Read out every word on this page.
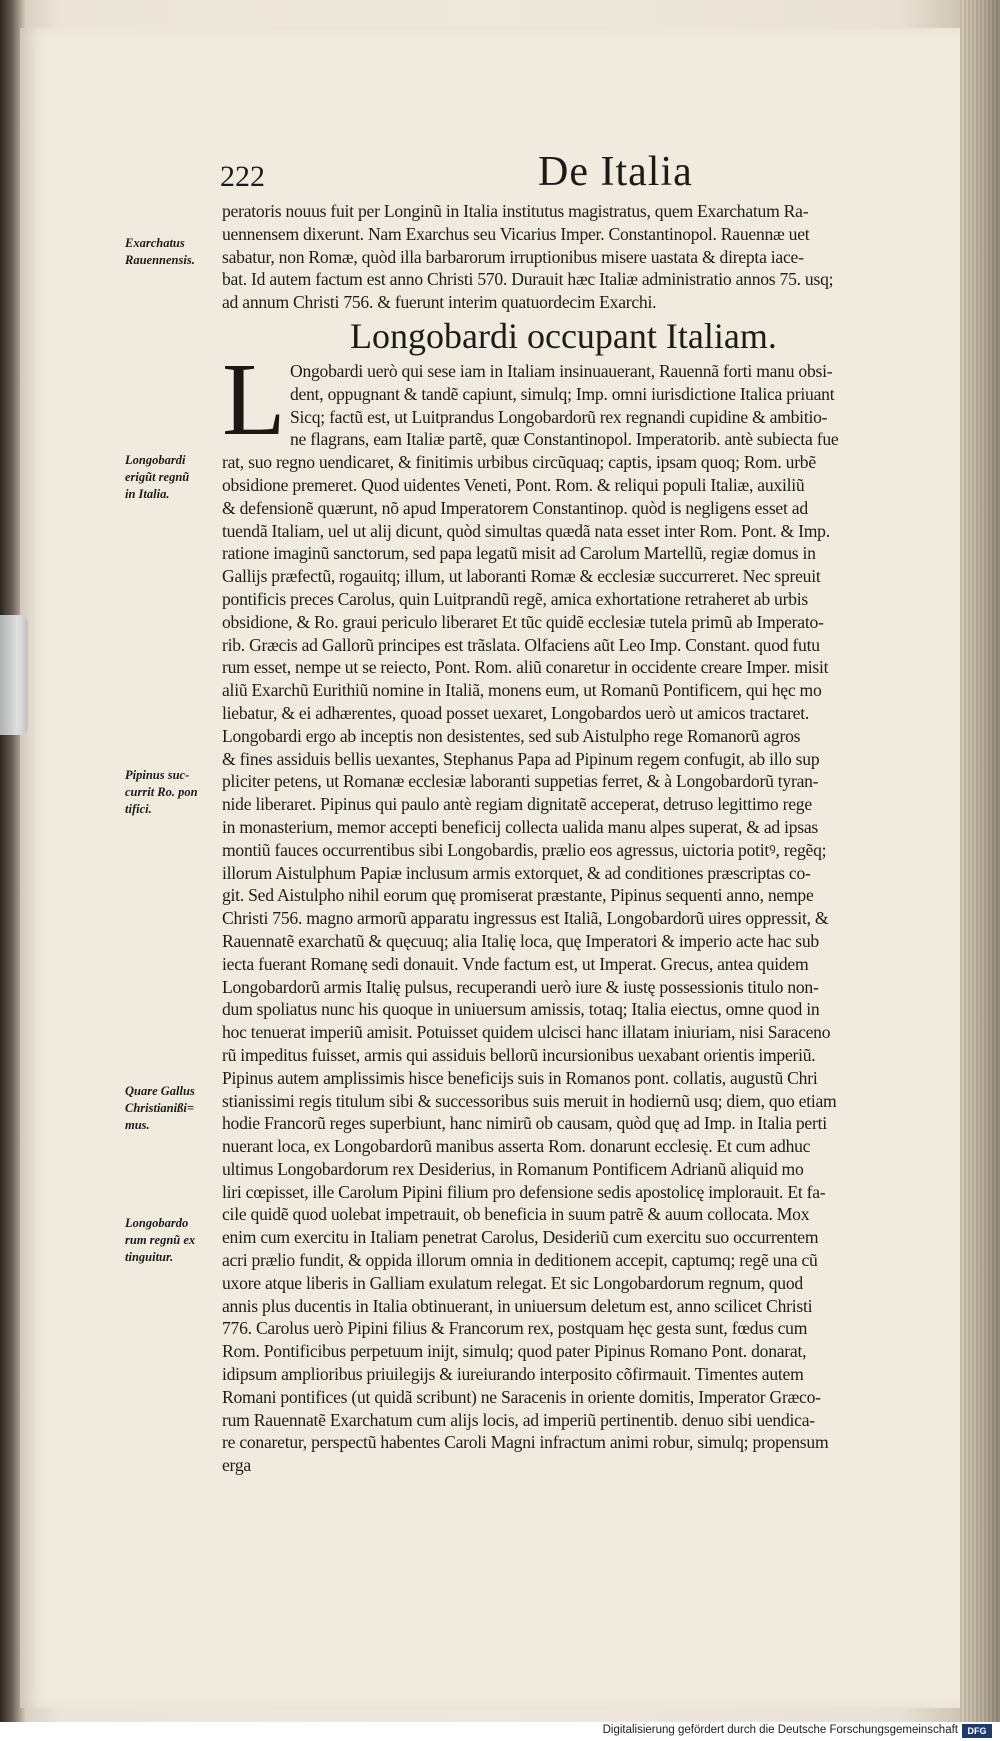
222	De Italia
peratoris nouus fuit per Longinũ in Italia institutus magistratus, quem Exarchatum Ra-
uennensem dixerunt. Nam Exarchus seu Vicarius Imper. Constantinopol. Rauennæ uet
sabatur, non Romæ, quòd illa barbarorum irruptionibus misere uastata & direpta iace-
bat. Id autem factum est anno Christi 570. Durauit hæc Italiæ administratio annos 75. usq;
ad annum Christi 756. & fuerunt interim quatuordecim Exarchi.
Longobardi occupant Italiam.
L Ongobardi uerò qui sese iam in Italiam insinuauerant, Rauennã forti manu obsi-
dent, oppugnant & tandẽ capiunt, simulq; Imp. omni iurisdictione Italica priuant
Sicq; factũ est, ut Luitprandus Longobardorũ rex regnandi cupidine & ambitio-
ne flagrans, eam Italiæ partẽ, quæ Constantinopol. Imperatorib. antè subiecta fue
rat, suo regno uendicaret, & finitimis urbibus circũquaq; captis, ipsam quoq; Rom. urbẽ
obsidione premeret. Quod uidentes Veneti, Pont. Rom. & reliqui populi Italiæ, auxiliũ
& defensionẽ quærunt, nõ apud Imperatorem Constantinop. quòd is negligens esset ad
tuendã Italiam, uel ut alij dicunt, quòd simultas quædã nata esset inter Rom. Pont. & Imp.
ratione imaginũ sanctorum, sed papa legatũ misit ad Carolum Martellũ, regiæ domus in
Gallijs præfectũ, rogauitq; illum, ut laboranti Romæ & ecclesiæ succurreret. Nec spreuit
pontificis preces Carolus, quin Luitprandũ regẽ, amica exhortatione retraheret ab urbis
obsidione, & Ro. graui periculo liberaret Et tũc quidẽ ecclesiæ tutela primũ ab Imperato-
rib. Græcis ad Gallorũ principes est trãslata. Olfaciens aũt Leo Imp. Constant. quod futu
rum esset, nempe ut se reiecto, Pont. Rom. aliũ conaretur in occidente creare Imper. misit
aliũ Exarchũ Eurithiũ nomine in Italiã, monens eum, ut Romanũ Pontificem, qui hęc mo
liebatur, & ei adhærentes, quoad posset uexaret, Longobardos uerò ut amicos tractaret.
Longobardi ergo ab inceptis non desistentes, sed sub Aistulpho rege Romanorũ agros
& fines assiduis bellis uexantes, Stephanus Papa ad Pipinum regem confugit, ab illo sup
pliciter petens, ut Romanæ ecclesiæ laboranti suppetias ferret, & à Longobardorũ tyran-
nide liberaret. Pipinus qui paulo antè regiam dignitatẽ acceperat, detruso legittimo rege
in monasterium, memor accepti beneficij collecta ualida manu alpes superat, & ad ipsas
montiũ fauces occurrentibus sibi Longobardis, prælio eos agressus, uictoria potitꝰ, regẽq;
illorum Aistulphum Papiæ inclusum armis extorquet, & ad conditiones præscriptas co-
git. Sed Aistulpho nihil eorum quę promiserat præstante, Pipinus sequenti anno, nempe
Christi 756. magno armorũ apparatu ingressus est Italiã, Longobardorũ uires oppressit, &
Rauennatẽ exarchatũ & quęcuuq; alia Italię loca, quę Imperatori & imperio acte hac sub
iecta fuerant Romanę sedi donauit. Vnde factum est, ut Imperat. Grecus, antea quidem
Longobardorũ armis Italię pulsus, recuperandi uerò iure & iustę possessionis titulo non-
dum spoliatus nunc his quoque in uniuersum amissis, totaq; Italia eiectus, omne quod in
hoc tenuerat imperiũ amisit. Potuisset quidem ulcisci hanc illatam iniuriam, nisi Saraceno
rũ impeditus fuisset, armis qui assiduis bellorũ incursionibus uexabant orientis imperiũ.
Pipinus autem amplissimis hisce beneficijs suis in Romanos pont. collatis, augustũ Chri
stianissimi regis titulum sibi & successoribus suis meruit in hodiernũ usq; diem, quo etiam
hodie Francorũ reges superbiunt, hanc nimirũ ob causam, quòd quę ad Imp. in Italia perti
nuerant loca, ex Longobardorũ manibus asserta Rom. donarunt ecclesię. Et cum adhuc
ultimus Longobardorum rex Desiderius, in Romanum Pontificem Adrianũ aliquid mo
liri cœpisset, ille Carolum Pipini filium pro defensione sedis apostolicę implorauit. Et fa-
cile quidẽ quod uolebat impetrauit, ob beneficia in suum patrẽ & auum collocata. Mox
enim cum exercitu in Italiam penetrat Carolus, Desideriũ cum exercitu suo occurrentem
acri prælio fundit, & oppida illorum omnia in deditionem accepit, captumq; regẽ una cũ
uxore atque liberis in Galliam exulatum relegat. Et sic Longobardorum regnum, quod
annis plus ducentis in Italia obtinuerant, in uniuersum deletum est, anno scilicet Christi
776. Carolus uerò Pipini filius & Francorum rex, postquam hęc gesta sunt, fœdus cum
Rom. Pontificibus perpetuum inijt, simulq; quod pater Pipinus Romano Pont. donarat,
idipsum amplioribus priuilegijs & iureiurando interposito cõfirmauit. Timentes autem
Romani pontifices (ut quidã scribunt) ne Saracenis in oriente domitis, Imperator Græco-
rum Rauennatẽ Exarchatum cum alijs locis, ad imperiũ pertinentib. denuo sibi uendica-
re conaretur, perspectũ habentes Caroli Magni infractum animi robur, simulq; propensum
erga
Exarchatus
Rauennensis.
Longobardi
erigũt regnũ
in Italia.
Pipinus suc-
currit Ro. pon
tifici.
Quare Gallus
Christianißi=
mus.
Longobardo
rum regnũ ex
tinguitur.
Digitalisierung gefördert durch die Deutsche Forschungsgemeinschaft	DFG
